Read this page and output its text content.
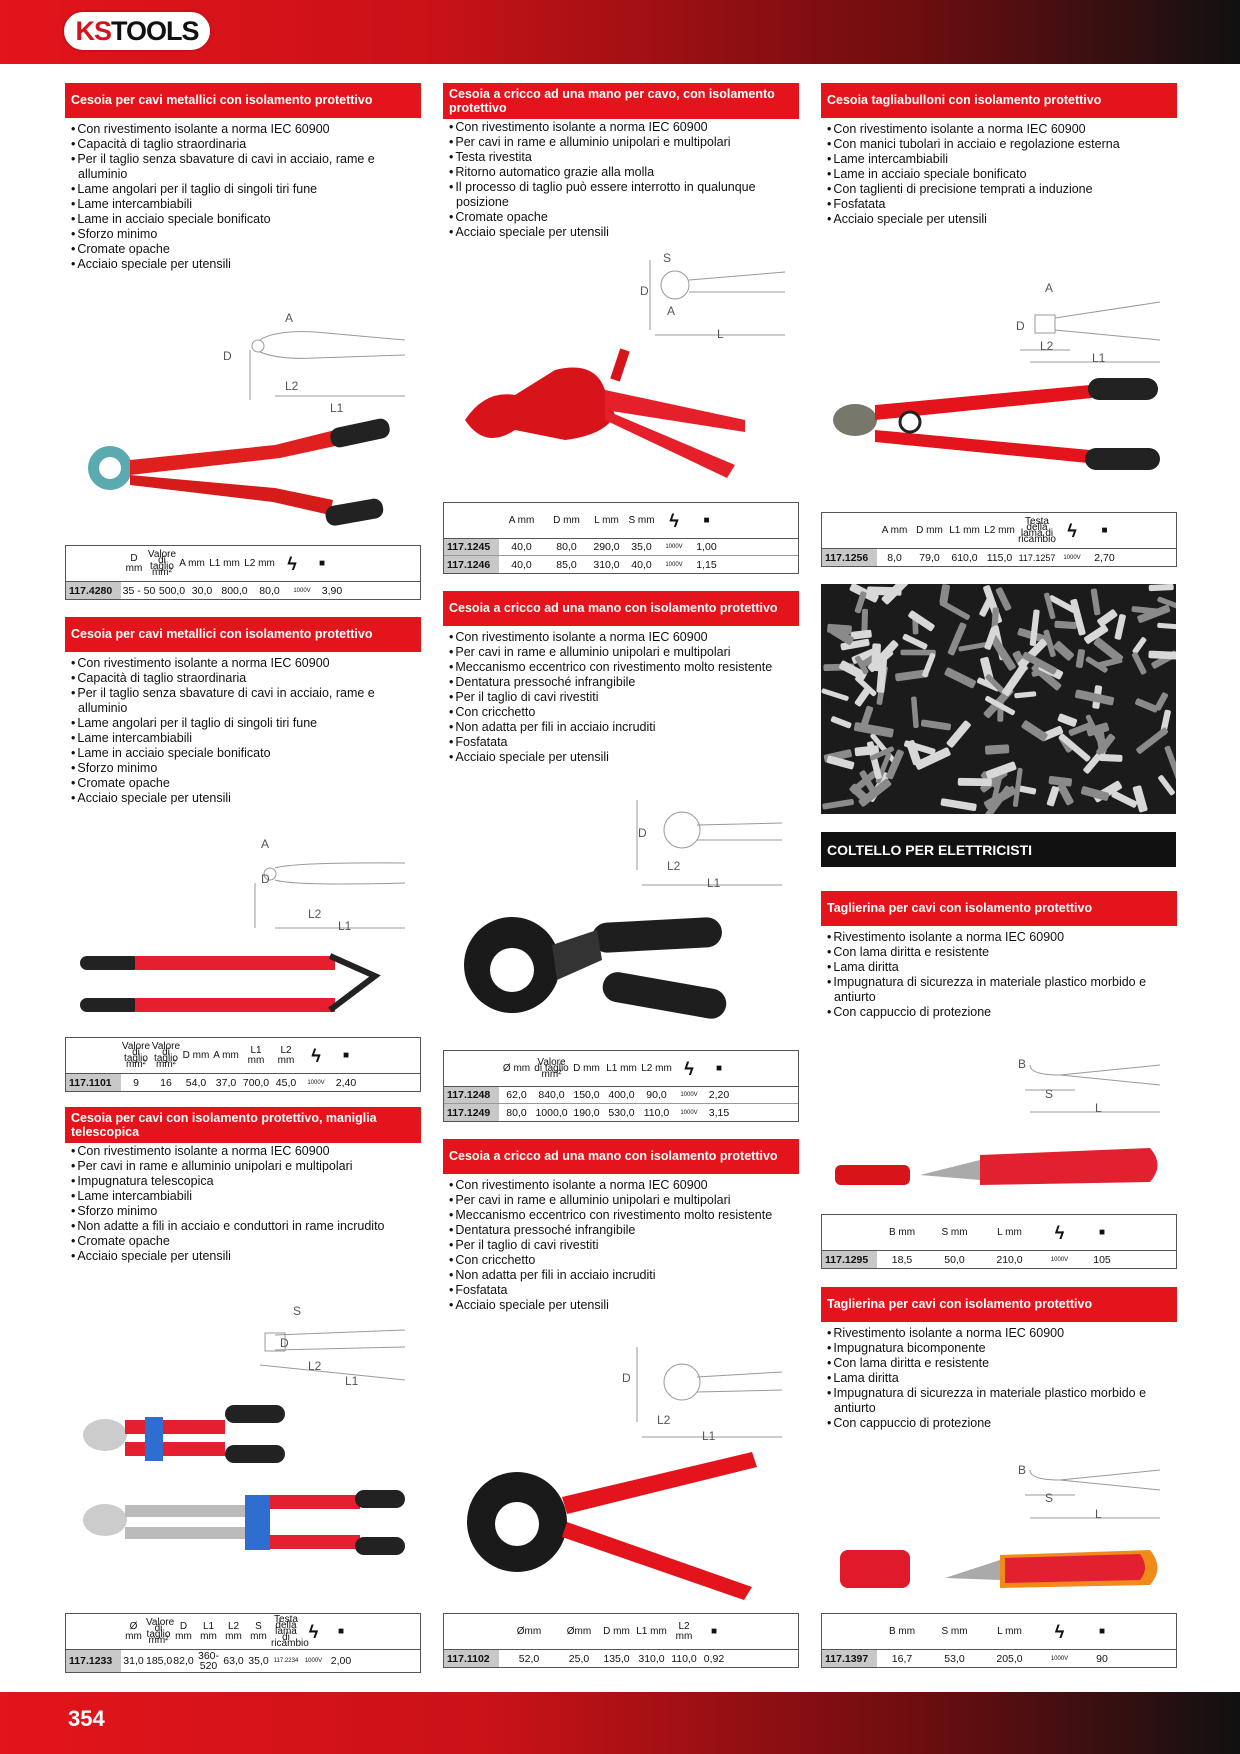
KSTOOLS
Cesoia per cavi metallici con isolamento protettivo
• Con rivestimento isolante a norma IEC 60900
• Capacità di taglio straordinaria
• Per il taglio senza sbavature di cavi in acciaio, rame e alluminio
• Lame angolari per il taglio di singoli tiri fune
• Lame intercambiabili
• Lame in acciaio speciale bonificato
• Sforzo minimo
• Cromate opache
• Acciaio speciale per utensili
D
L2
L1
A
D mm
Valore di taglio mm²
A mm L1 mm L2 mm ϟ	■
117.4280 35 - 50 500,0 30,0 800,0	80,0	1000V	3,90
Cesoia per cavi metallici con isolamento protettivo
• Con rivestimento isolante a norma IEC 60900
• Capacità di taglio straordinaria
• Per il taglio senza sbavature di cavi in acciaio, rame e alluminio
• Lame angolari per il taglio di singoli tiri fune
• Lame intercambiabili
• Lame in acciaio speciale bonificato
• Sforzo minimo
• Cromate opache
• Acciaio speciale per utensili
A
D
L2
L1
Valore di taglio mm²
Valore di taglio mm²
D mm A mm	L1 mm
L2 mm ϟ	■
117.1101	9	16	54,0 37,0 700,0 45,0	1000V	2,40
Cesoia per cavi con isolamento protettivo, maniglia telescopica
• Con rivestimento isolante a norma IEC 60900
• Per cavi in rame e alluminio unipolari e multipolari
• Impugnatura telescopica
• Lame intercambiabili
• Sforzo minimo
• Non adatte a fili in acciaio e conduttori in rame incrudito
• Cromate opache
• Acciaio speciale per utensili
S
D
L2
L1
Ø mm
Valore di taglio mm²
D mm
L1 mm
L2 mm
S mm
Testa della lama di ricambio
ϟ	■
117.1233	31,0 185,0 82,0 360-520 63,0 35,0 117.2234	1000V 2,00
Cesoia a cricco ad una mano per cavo, con isolamento protettivo
• Con rivestimento isolante a norma IEC 60900
• Per cavi in rame e alluminio unipolari e multipolari
• Testa rivestita
• Ritorno automatico grazie alla molla
• Il processo di taglio può essere interrotto in qualunque posizione
• Cromate opache
• Acciaio speciale per utensili
S
D
A
L
A mm	D mm	L mm S mm ϟ	■
117.1245	40,0	80,0	290,0	35,0	1000V	1,00
117.1246	40,0	85,0	310,0	40,0	1000V	1,15
Cesoia a cricco ad una mano con isolamento protettivo
• Con rivestimento isolante a norma IEC 60900
• Per cavi in rame e alluminio unipolari e multipolari
• Meccanismo eccentrico con rivestimento molto resistente
• Dentatura pressoché infrangibile
• Per il taglio di cavi rivestiti
• Con cricchetto
• Non adatta per fili in acciaio incruditi
• Fosfatata
• Acciaio speciale per utensili
D
L2
L1
Ø mm
Valore di taglio mm²
D mm L1 mm L2 mm ϟ	■
117.1248	62,0	840,0 150,0 400,0	90,0	1000V	2,20
117.1249	80,0 1000,0 190,0 530,0 110,0	1000V	3,15
Cesoia a cricco ad una mano con isolamento protettivo
• Con rivestimento isolante a norma IEC 60900
• Per cavi in rame e alluminio unipolari e multipolari
• Meccanismo eccentrico con rivestimento molto resistente
• Dentatura pressoché infrangibile
• Per il taglio di cavi rivestiti
• Con cricchetto
• Non adatta per fili in acciaio incruditi
• Fosfatata
• Acciaio speciale per utensili
D
L2
L1
Ømm	Ømm	D mm L1 mm	L2 mm	■
117.1102	52,0	25,0	135,0 310,0 110,0 0,92
Cesoia tagliabulloni con isolamento protettivo
• Con rivestimento isolante a norma IEC 60900
• Con manici tubolari in acciaio e regolazione esterna
• Lame intercambiabili
• Lame in acciaio speciale bonificato
• Con taglienti di precisione temprati a induzione
• Fosfatata
• Acciaio speciale per utensili
A
D
L2
L1
A mm D mm L1 mm L2 mm
Testa della lama di ricambio ϟ	■
117.1256	8,0	79,0	610,0 115,0 117.1257	1000V	2,70
COLTELLO PER ELETTRICISTI
Taglierina per cavi con isolamento protettivo
• Rivestimento isolante a norma IEC 60900
• Con lama diritta e resistente
• Lama diritta
• Impugnatura di sicurezza in materiale plastico morbido e antiurto
• Con cappuccio di protezione
B
S
L
B mm	S mm	L mm	ϟ	■
117.1295	18,5	50,0	210,0	1000V	105
Taglierina per cavi con isolamento protettivo
• Rivestimento isolante a norma IEC 60900
• Impugnatura bicomponente
• Con lama diritta e resistente
• Lama diritta
• Impugnatura di sicurezza in materiale plastico morbido e antiurto
• Con cappuccio di protezione
B
S
L
B mm	S mm	L mm	ϟ	■
117.1397	16,7	53,0	205,0	1000V	90
354
